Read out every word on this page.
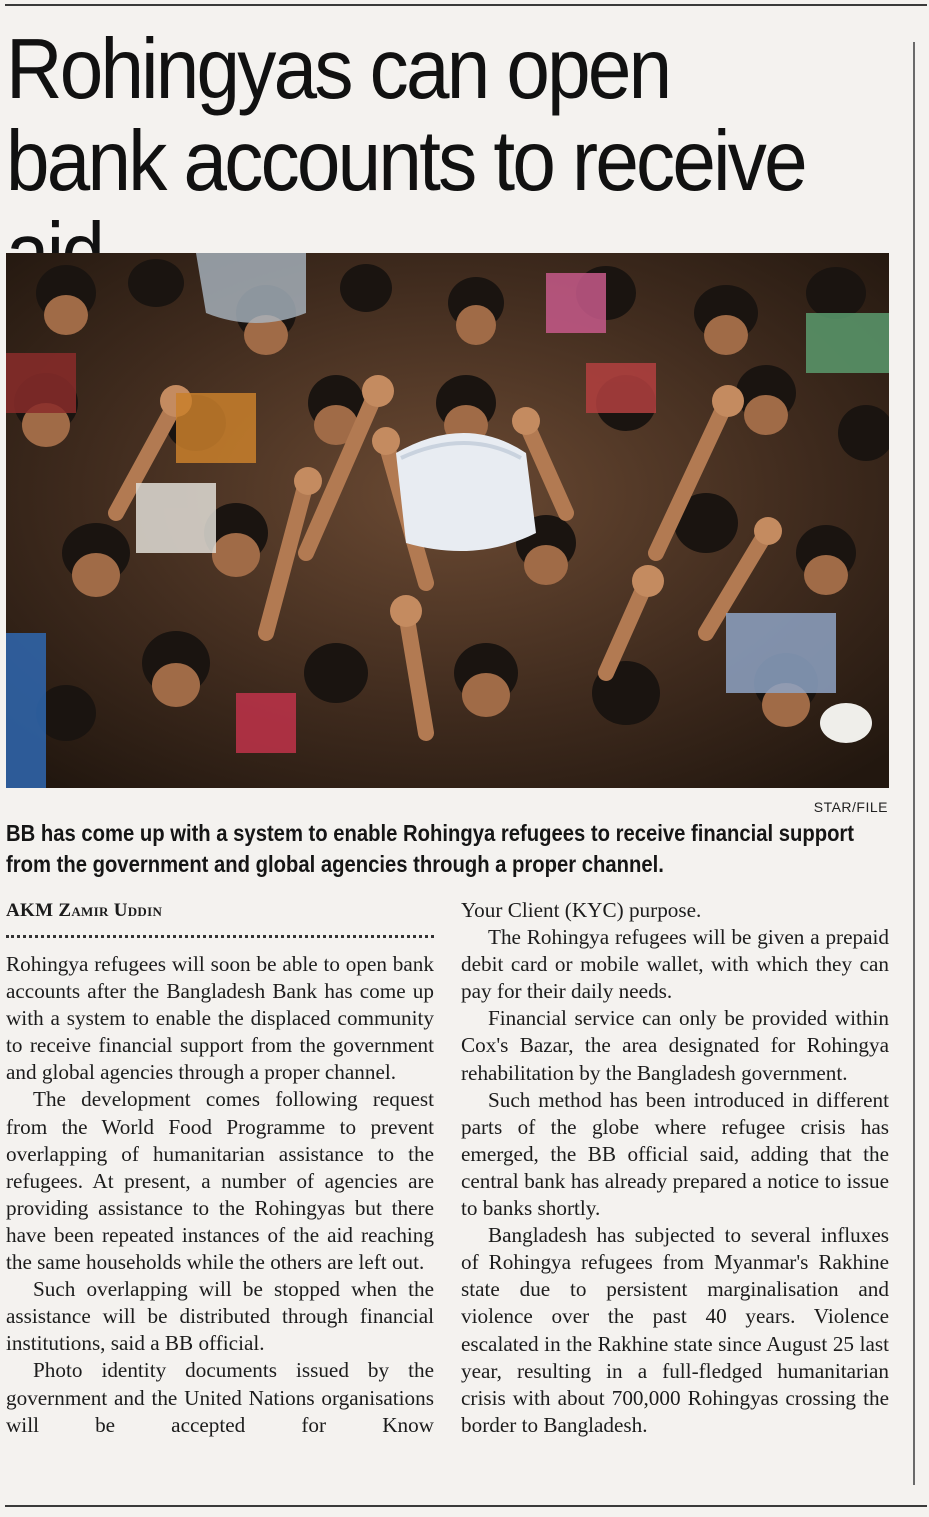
Rohingyas can open bank accounts to receive
STAR/FILE
BB has come up with a system to enable Rohingya refugees to receive financial support from the government and global agencies through a proper channel.
AKM Zamir Uddin

Rohingya refugees will soon be able to open bank accounts after the Bangladesh Bank has come up with a system to enable the displaced community to receive financial support from the government and global agencies through a proper channel.

The development comes following request from the World Food Programme to prevent overlapping of humanitarian assistance to the refugees. At present, a number of agencies are providing assistance to the Rohingyas but there have been repeated instances of the aid reaching the same households while the others are left out.

Such overlapping will be stopped when the assistance will be distributed through financial institutions, said a BB official.

Photo identity documents issued by the government and the United Nations organisations will be accepted for Know

Your Client (KYC) purpose.

The Rohingya refugees will be given a prepaid debit card or mobile wallet, with which they can pay for their daily needs.

Financial service can only be provided within Cox's Bazar, the area designated for Rohingya rehabilitation by the Bangladesh government.

Such method has been introduced in different parts of the globe where refugee crisis has emerged, the BB official said, adding that the central bank has already prepared a notice to issue to banks shortly.

Bangladesh has subjected to several influxes of Rohingya refugees from Myanmar's Rakhine state due to persistent marginalisation and violence over the past 40 years. Violence escalated in the Rakhine state since August 25 last year, resulting in a full-fledged humanitarian crisis with about 700,000 Rohingyas crossing the border to Bangladesh.
